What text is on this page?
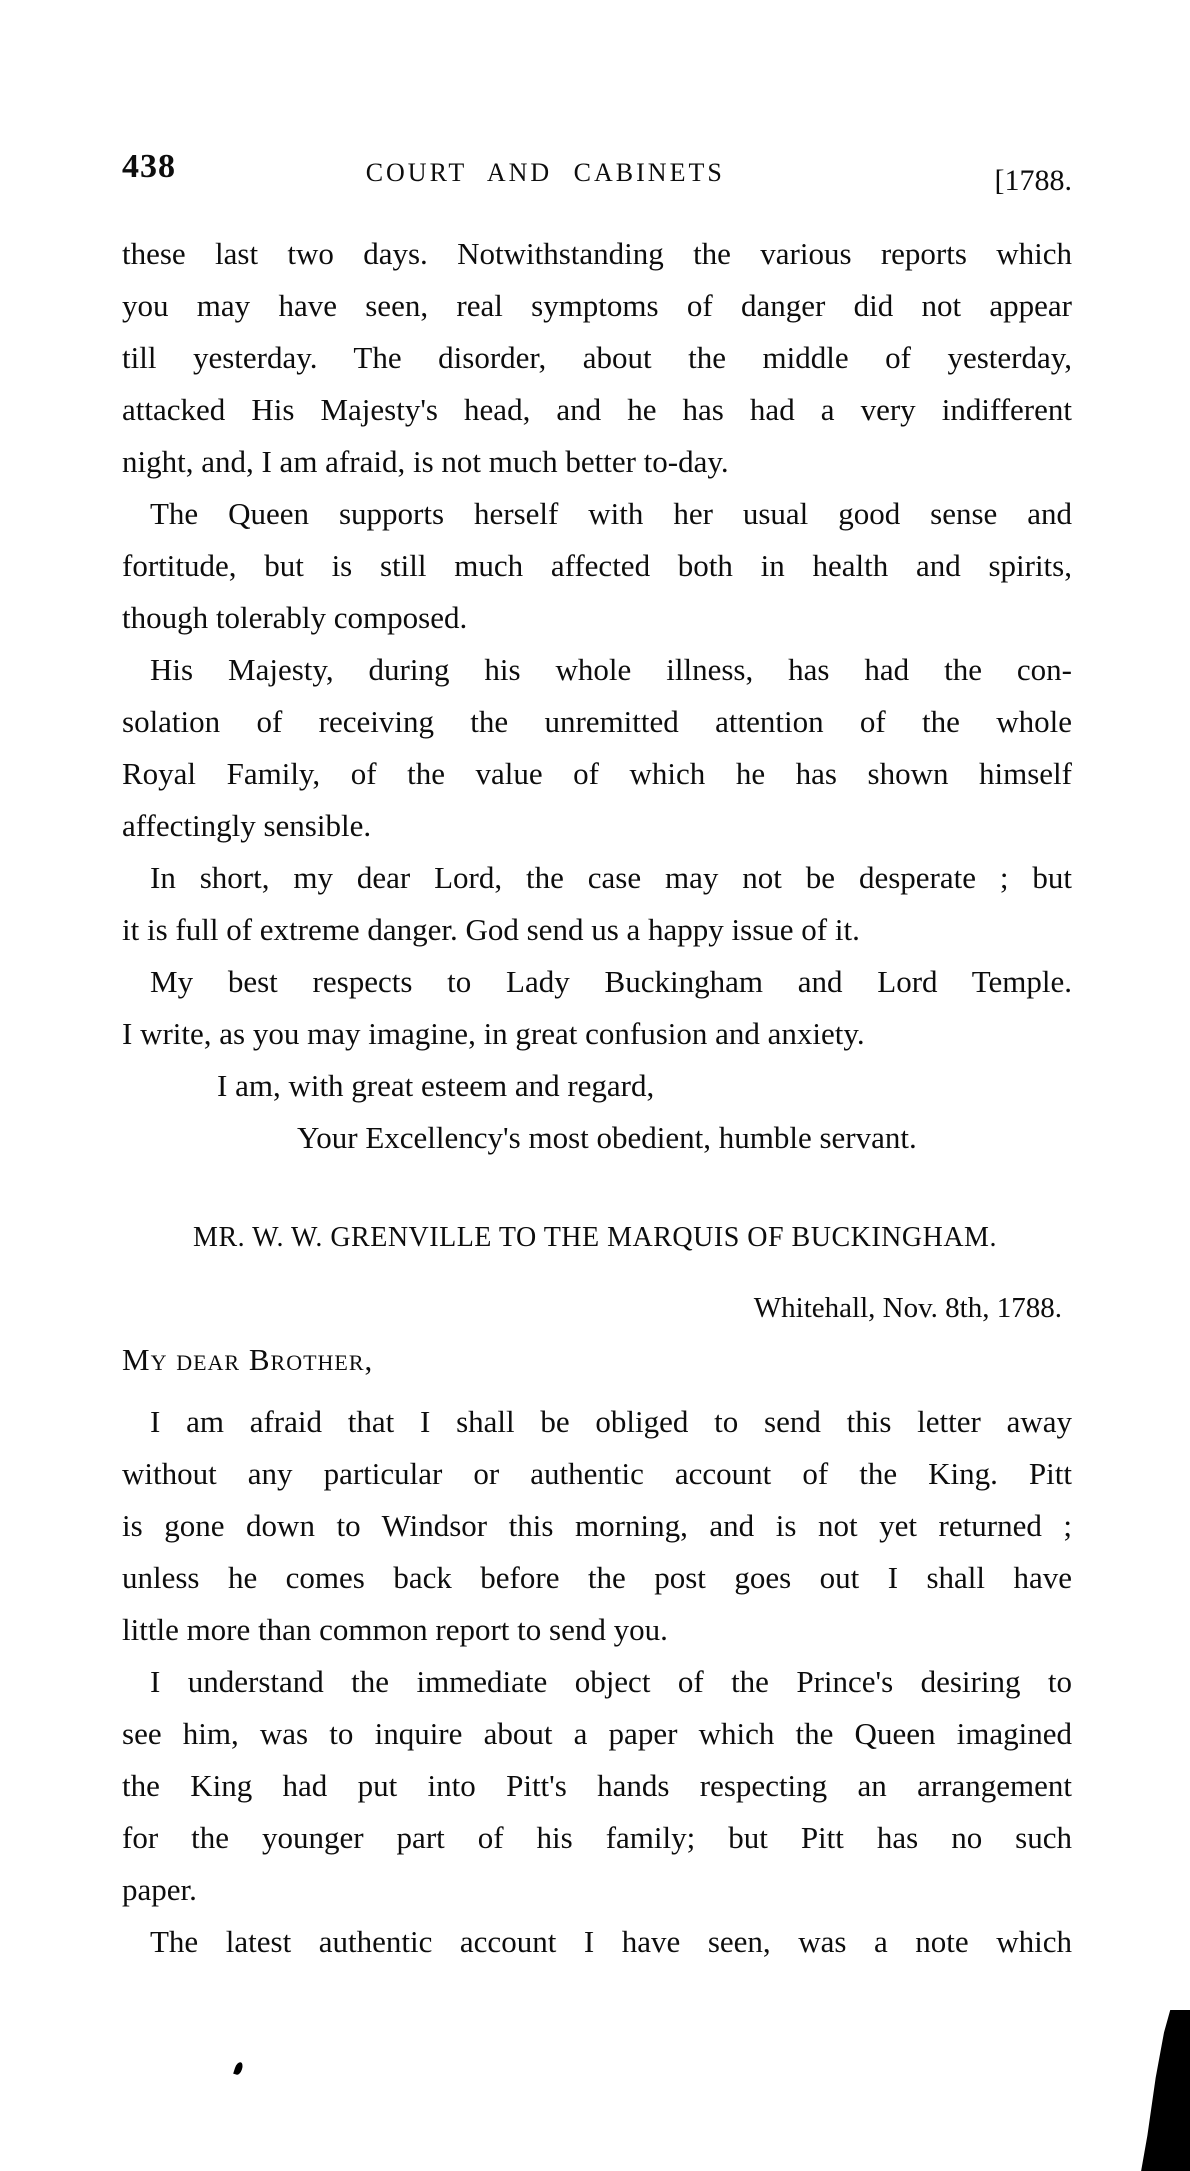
438	COURT AND CABINETS	[1788.
these last two days. Notwithstanding the various reports which
you may have seen, real symptoms of danger did not appear
till yesterday. The disorder, about the middle of yesterday,
attacked His Majesty's head, and he has had a very indifferent
night, and, I am afraid, is not much better to-day.
The Queen supports herself with her usual good sense and
fortitude, but is still much affected both in health and spirits,
though tolerably composed.
His Majesty, during his whole illness, has had the con-
solation of receiving the unremitted attention of the whole
Royal Family, of the value of which he has shown himself
affectingly sensible.
In short, my dear Lord, the case may not be desperate ; but
it is full of extreme danger. God send us a happy issue of it.
My best respects to Lady Buckingham and Lord Temple.
I write, as you may imagine, in great confusion and anxiety.
I am, with great esteem and regard,
Your Excellency's most obedient, humble servant.
MR. W. W. GRENVILLE TO THE MARQUIS OF BUCKINGHAM.
Whitehall, Nov. 8th, 1788.
My dear Brother,
I am afraid that I shall be obliged to send this letter away
without any particular or authentic account of the King. Pitt
is gone down to Windsor this morning, and is not yet returned ;
unless he comes back before the post goes out I shall have
little more than common report to send you.
I understand the immediate object of the Prince's desiring to
see him, was to inquire about a paper which the Queen imagined
the King had put into Pitt's hands respecting an arrangement
for the younger part of his family; but Pitt has no such
paper.
The latest authentic account I have seen, was a note which
